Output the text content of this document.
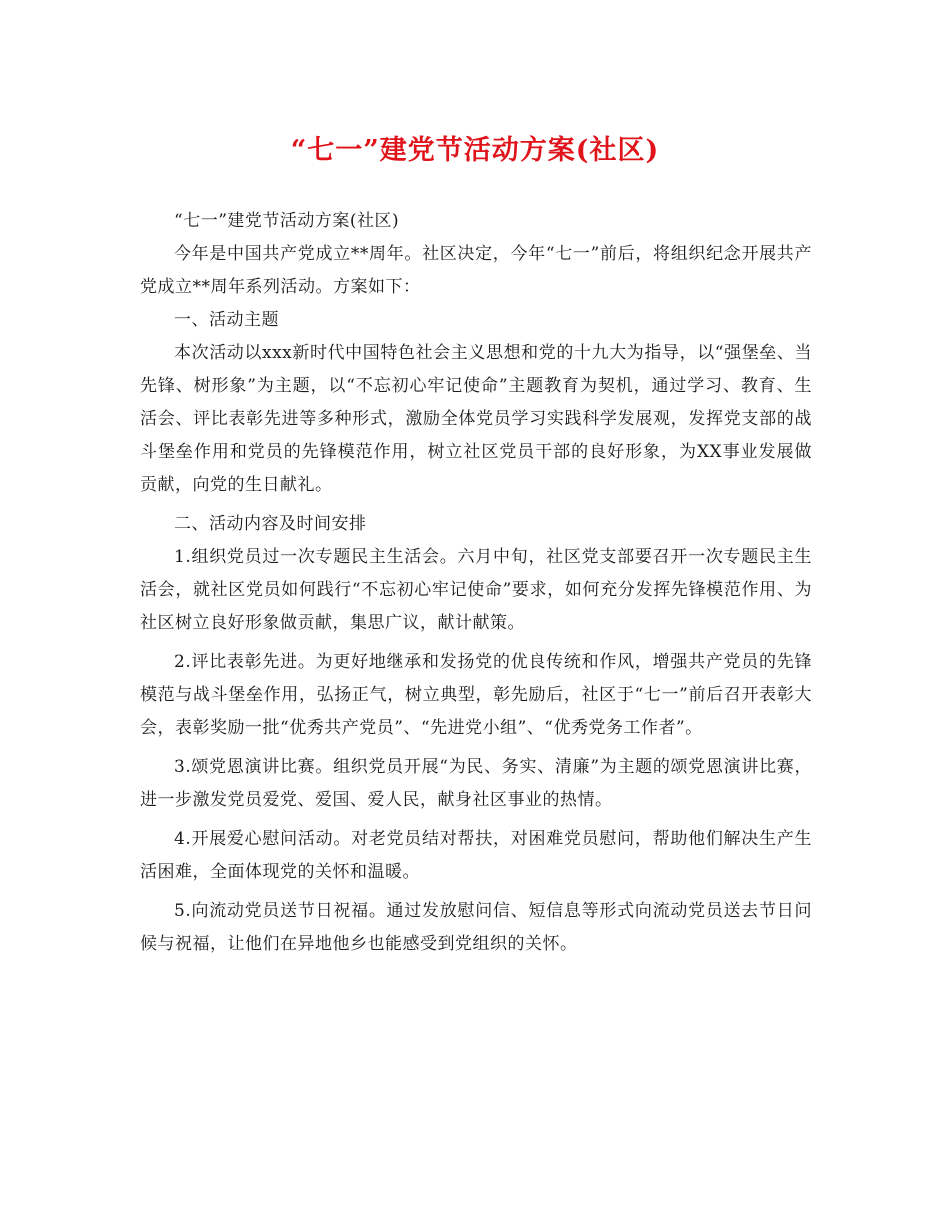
“七一”建党节活动方案(社区)

“七一”建党节活动方案(社区)

今年是中国共产党成立**周年。社区决定，今年“七一”前后，将组织纪念开展共产党成立**周年系列活动。方案如下：

一、活动主题

本次活动以xxx新时代中国特色社会主义思想和党的十九大为指导，以“强堡垒、当先锋、树形象”为主题，以“不忘初心牢记使命”主题教育为契机，通过学习、教育、生活会、评比表彰先进等多种形式，激励全体党员学习实践科学发展观，发挥党支部的战斗堡垒作用和党员的先锋模范作用，树立社区党员干部的良好形象，为XX事业发展做贡献，向党的生日献礼。

二、活动内容及时间安排

1.组织党员过一次专题民主生活会。六月中旬，社区党支部要召开一次专题民主生活会，就社区党员如何践行“不忘初心牢记使命”要求，如何充分发挥先锋模范作用、为社区树立良好形象做贡献，集思广议，献计献策。

2.评比表彰先进。为更好地继承和发扬党的优良传统和作风，增强共产党员的先锋模范与战斗堡垒作用，弘扬正气，树立典型，彰先励后，社区于“七一”前后召开表彰大会，表彰奖励一批“优秀共产党员”、“先进党小组”、“优秀党务工作者”。

3.颂党恩演讲比赛。组织党员开展“为民、务实、清廉”为主题的颂党恩演讲比赛，进一步激发党员爱党、爱国、爱人民，献身社区事业的热情。

4.开展爱心慰问活动。对老党员结对帮扶，对困难党员慰问，帮助他们解决生产生活困难，全面体现党的关怀和温暖。

5.向流动党员送节日祝福。通过发放慰问信、短信息等形式向流动党员送去节日问候与祝福，让他们在异地他乡也能感受到党组织的关怀。
